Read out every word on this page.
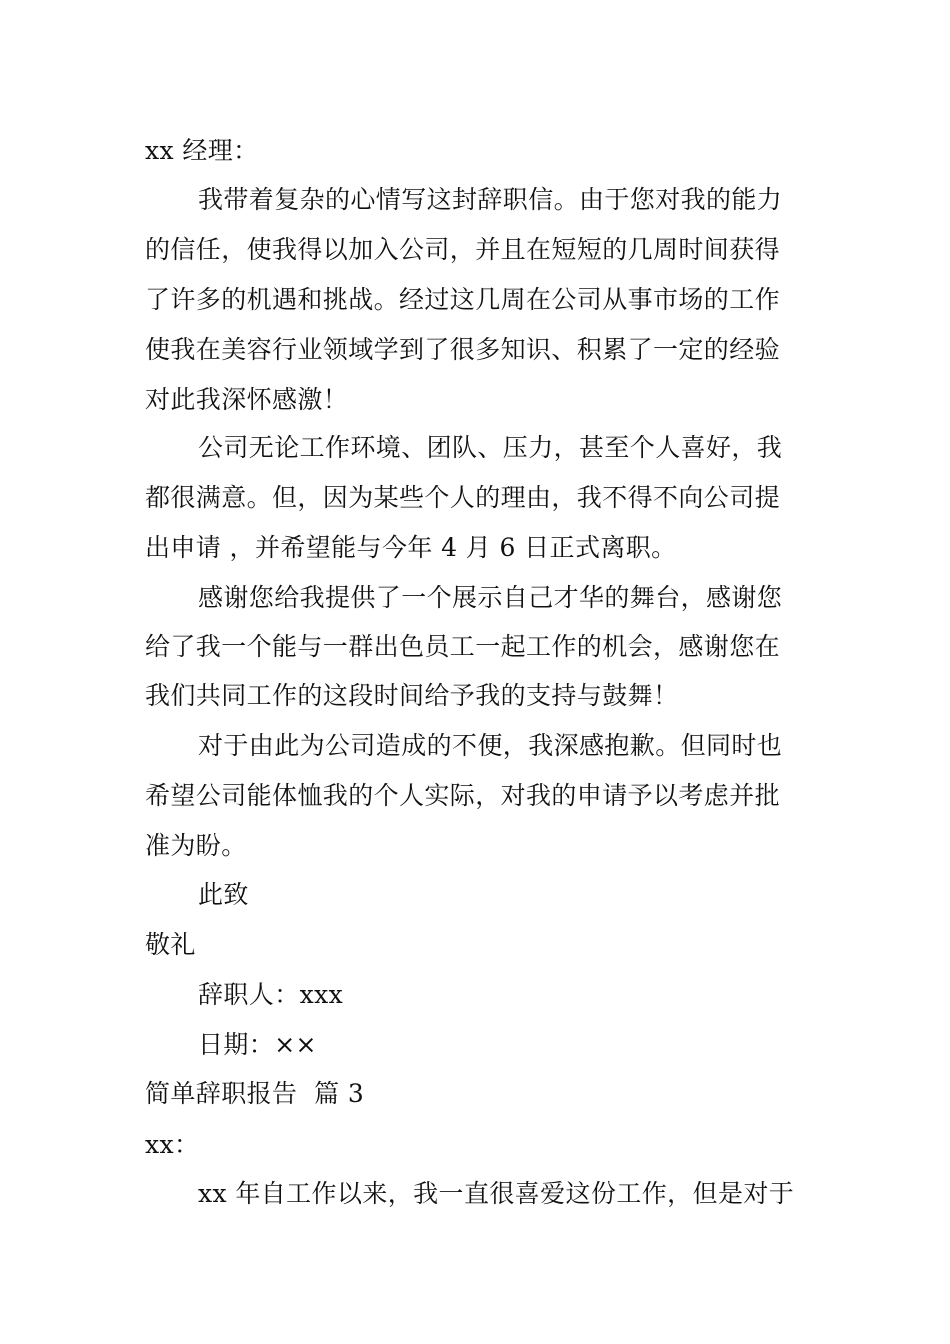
xx 经理：
我带着复杂的心情写这封辞职信。由于您对我的能力
的信任，使我得以加入公司，并且在短短的几周时间获得
了许多的机遇和挑战。经过这几周在公司从事市场的工作
使我在美容行业领域学到了很多知识、积累了一定的经验
对此我深怀感激！
公司无论工作环境、团队、压力，甚至个人喜好，我
都很满意。但，因为某些个人的理由，我不得不向公司提
出申请 ，并希望能与今年 4 月 6 日正式离职。
感谢您给我提供了一个展示自己才华的舞台，感谢您
给了我一个能与一群出色员工一起工作的机会，感谢您在
我们共同工作的这段时间给予我的支持与鼓舞！
对于由此为公司造成的不便，我深感抱歉。但同时也
希望公司能体恤我的个人实际，对我的申请予以考虑并批
准为盼。
此致
敬礼
辞职人：xxx
日期：××
简单辞职报告  篇 3
xx：
xx 年自工作以来，我一直很喜爱这份工作，但是对于
